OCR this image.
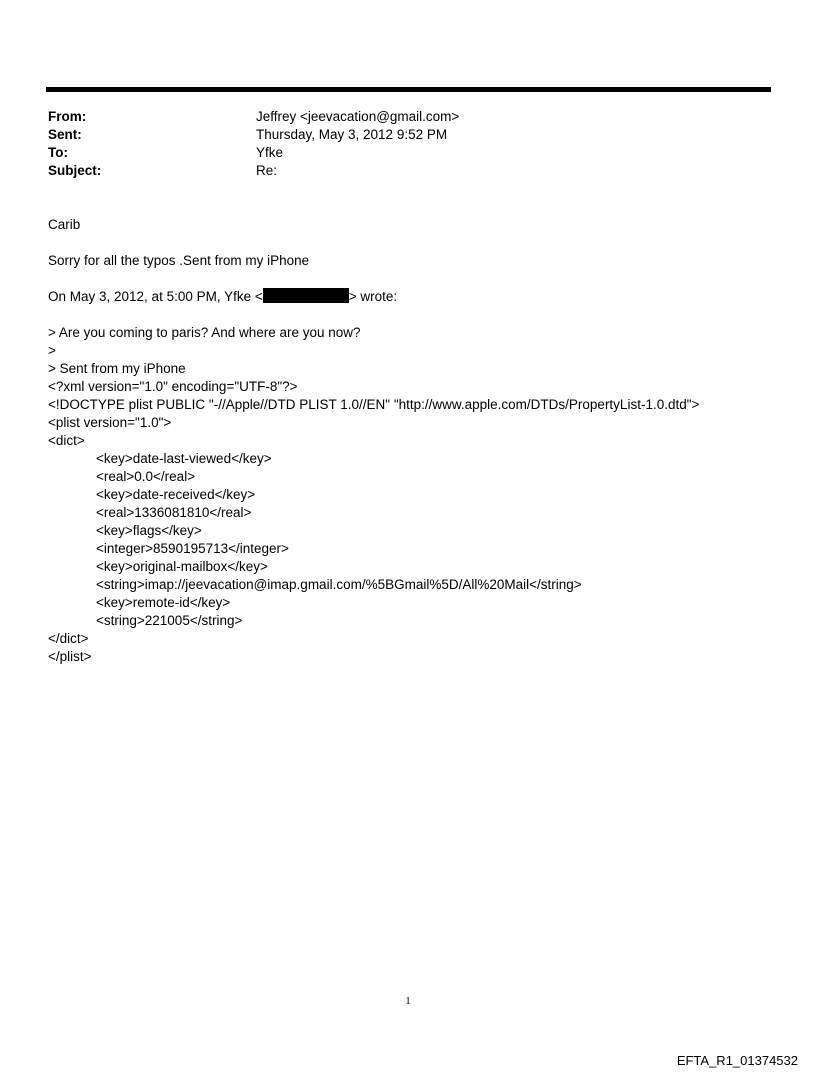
From:	Jeffrey <jeevacation@gmail.com>
Sent:	Thursday, May 3, 2012 9:52 PM
To:	Yfke
Subject:	Re:
Carib
Sorry for all the typos .Sent from my iPhone
On May 3, 2012, at 5:00 PM, Yfke <	> wrote:
> Are you coming to paris? And where are you now?
>
> Sent from my iPhone
<?xml version="1.0" encoding="UTF-8"?>
<!DOCTYPE plist PUBLIC "-//Apple//DTD PLIST 1.0//EN" "http://www.apple.com/DTDs/PropertyList-1.0.dtd">
<plist version="1.0">
<dict>
<key>date-last-viewed</key>
<real>0.0</real>
<key>date-received</key>
<real>1336081810</real>
<key>flags</key>
<integer>8590195713</integer>
<key>original-mailbox</key>
<string>imap://jeevacation@imap.gmail.com/%5BGmail%5D/All%20Mail</string>
<key>remote-id</key>
<string>221005</string>
</dict>
</plist>
1
EFTA_R1_01374532
